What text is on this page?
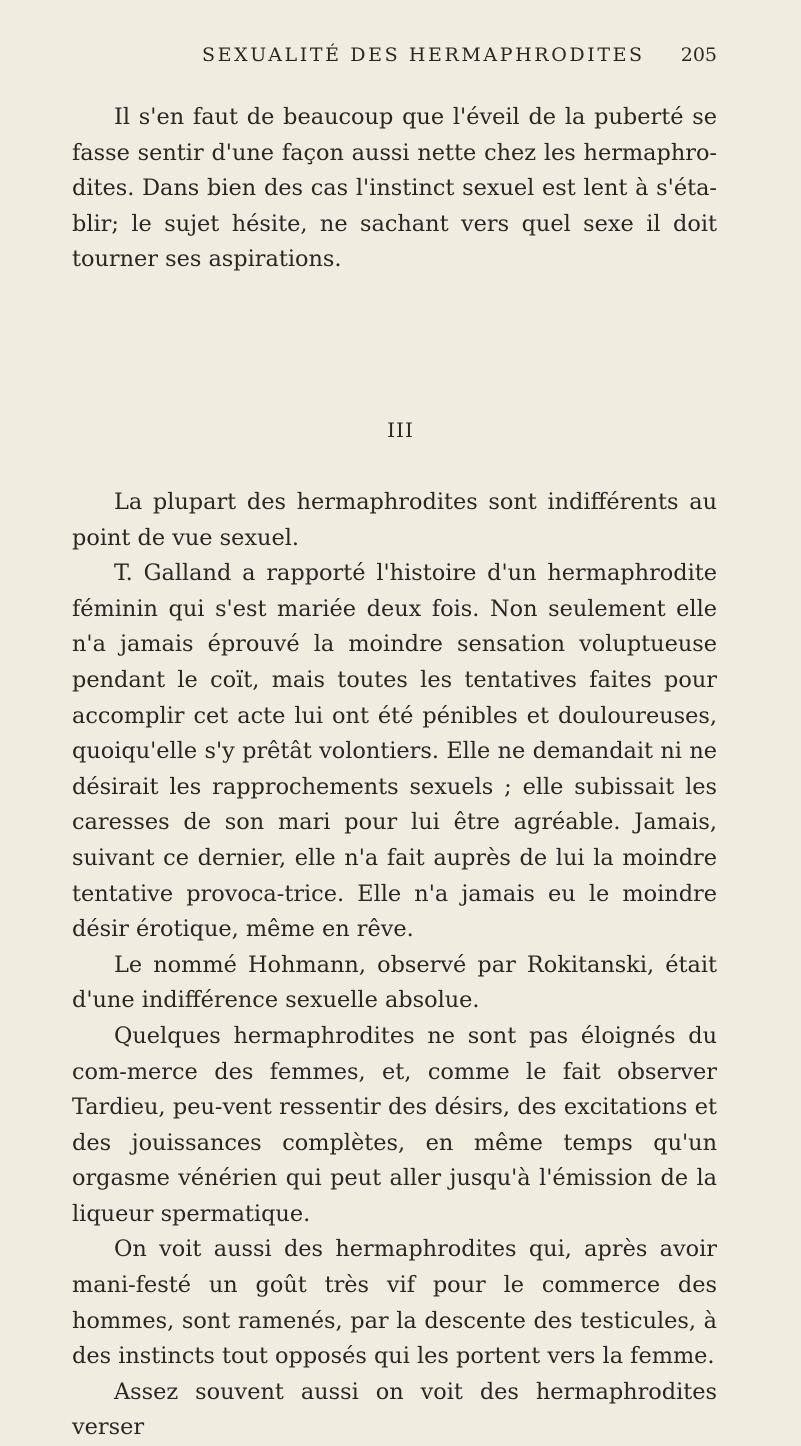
SEXUALITÉ DES HERMAPHRODITES 205

Il s'en faut de beaucoup que l'éveil de la puberté se fasse sentir d'une façon aussi nette chez les hermaphro-dites. Dans bien des cas l'instinct sexuel est lent à s'éta-blir; le sujet hésite, ne sachant vers quel sexe il doit tourner ses aspirations.

III

La plupart des hermaphrodites sont indifférents au point de vue sexuel.

T. Galland a rapporté l'histoire d'un hermaphrodite féminin qui s'est mariée deux fois. Non seulement elle n'a jamais éprouvé la moindre sensation voluptueuse pendant le coït, mais toutes les tentatives faites pour accomplir cet acte lui ont été pénibles et douloureuses, quoiqu'elle s'y prêtât volontiers. Elle ne demandait ni ne désirait les rapprochements sexuels ; elle subissait les caresses de son mari pour lui être agréable. Jamais, suivant ce dernier, elle n'a fait auprès de lui la moindre tentative provoca-trice. Elle n'a jamais eu le moindre désir érotique, même en rêve.

Le nommé Hohmann, observé par Rokitanski, était d'une indifférence sexuelle absolue.

Quelques hermaphrodites ne sont pas éloignés du com-merce des femmes, et, comme le fait observer Tardieu, peu-vent ressentir des désirs, des excitations et des jouissances complètes, en même temps qu'un orgasme vénérien qui peut aller jusqu'à l'émission de la liqueur spermatique.

On voit aussi des hermaphrodites qui, après avoir mani-festé un goût très vif pour le commerce des hommes, sont ramenés, par la descente des testicules, à des instincts tout opposés qui les portent vers la femme.

Assez souvent aussi on voit des hermaphrodites verser
